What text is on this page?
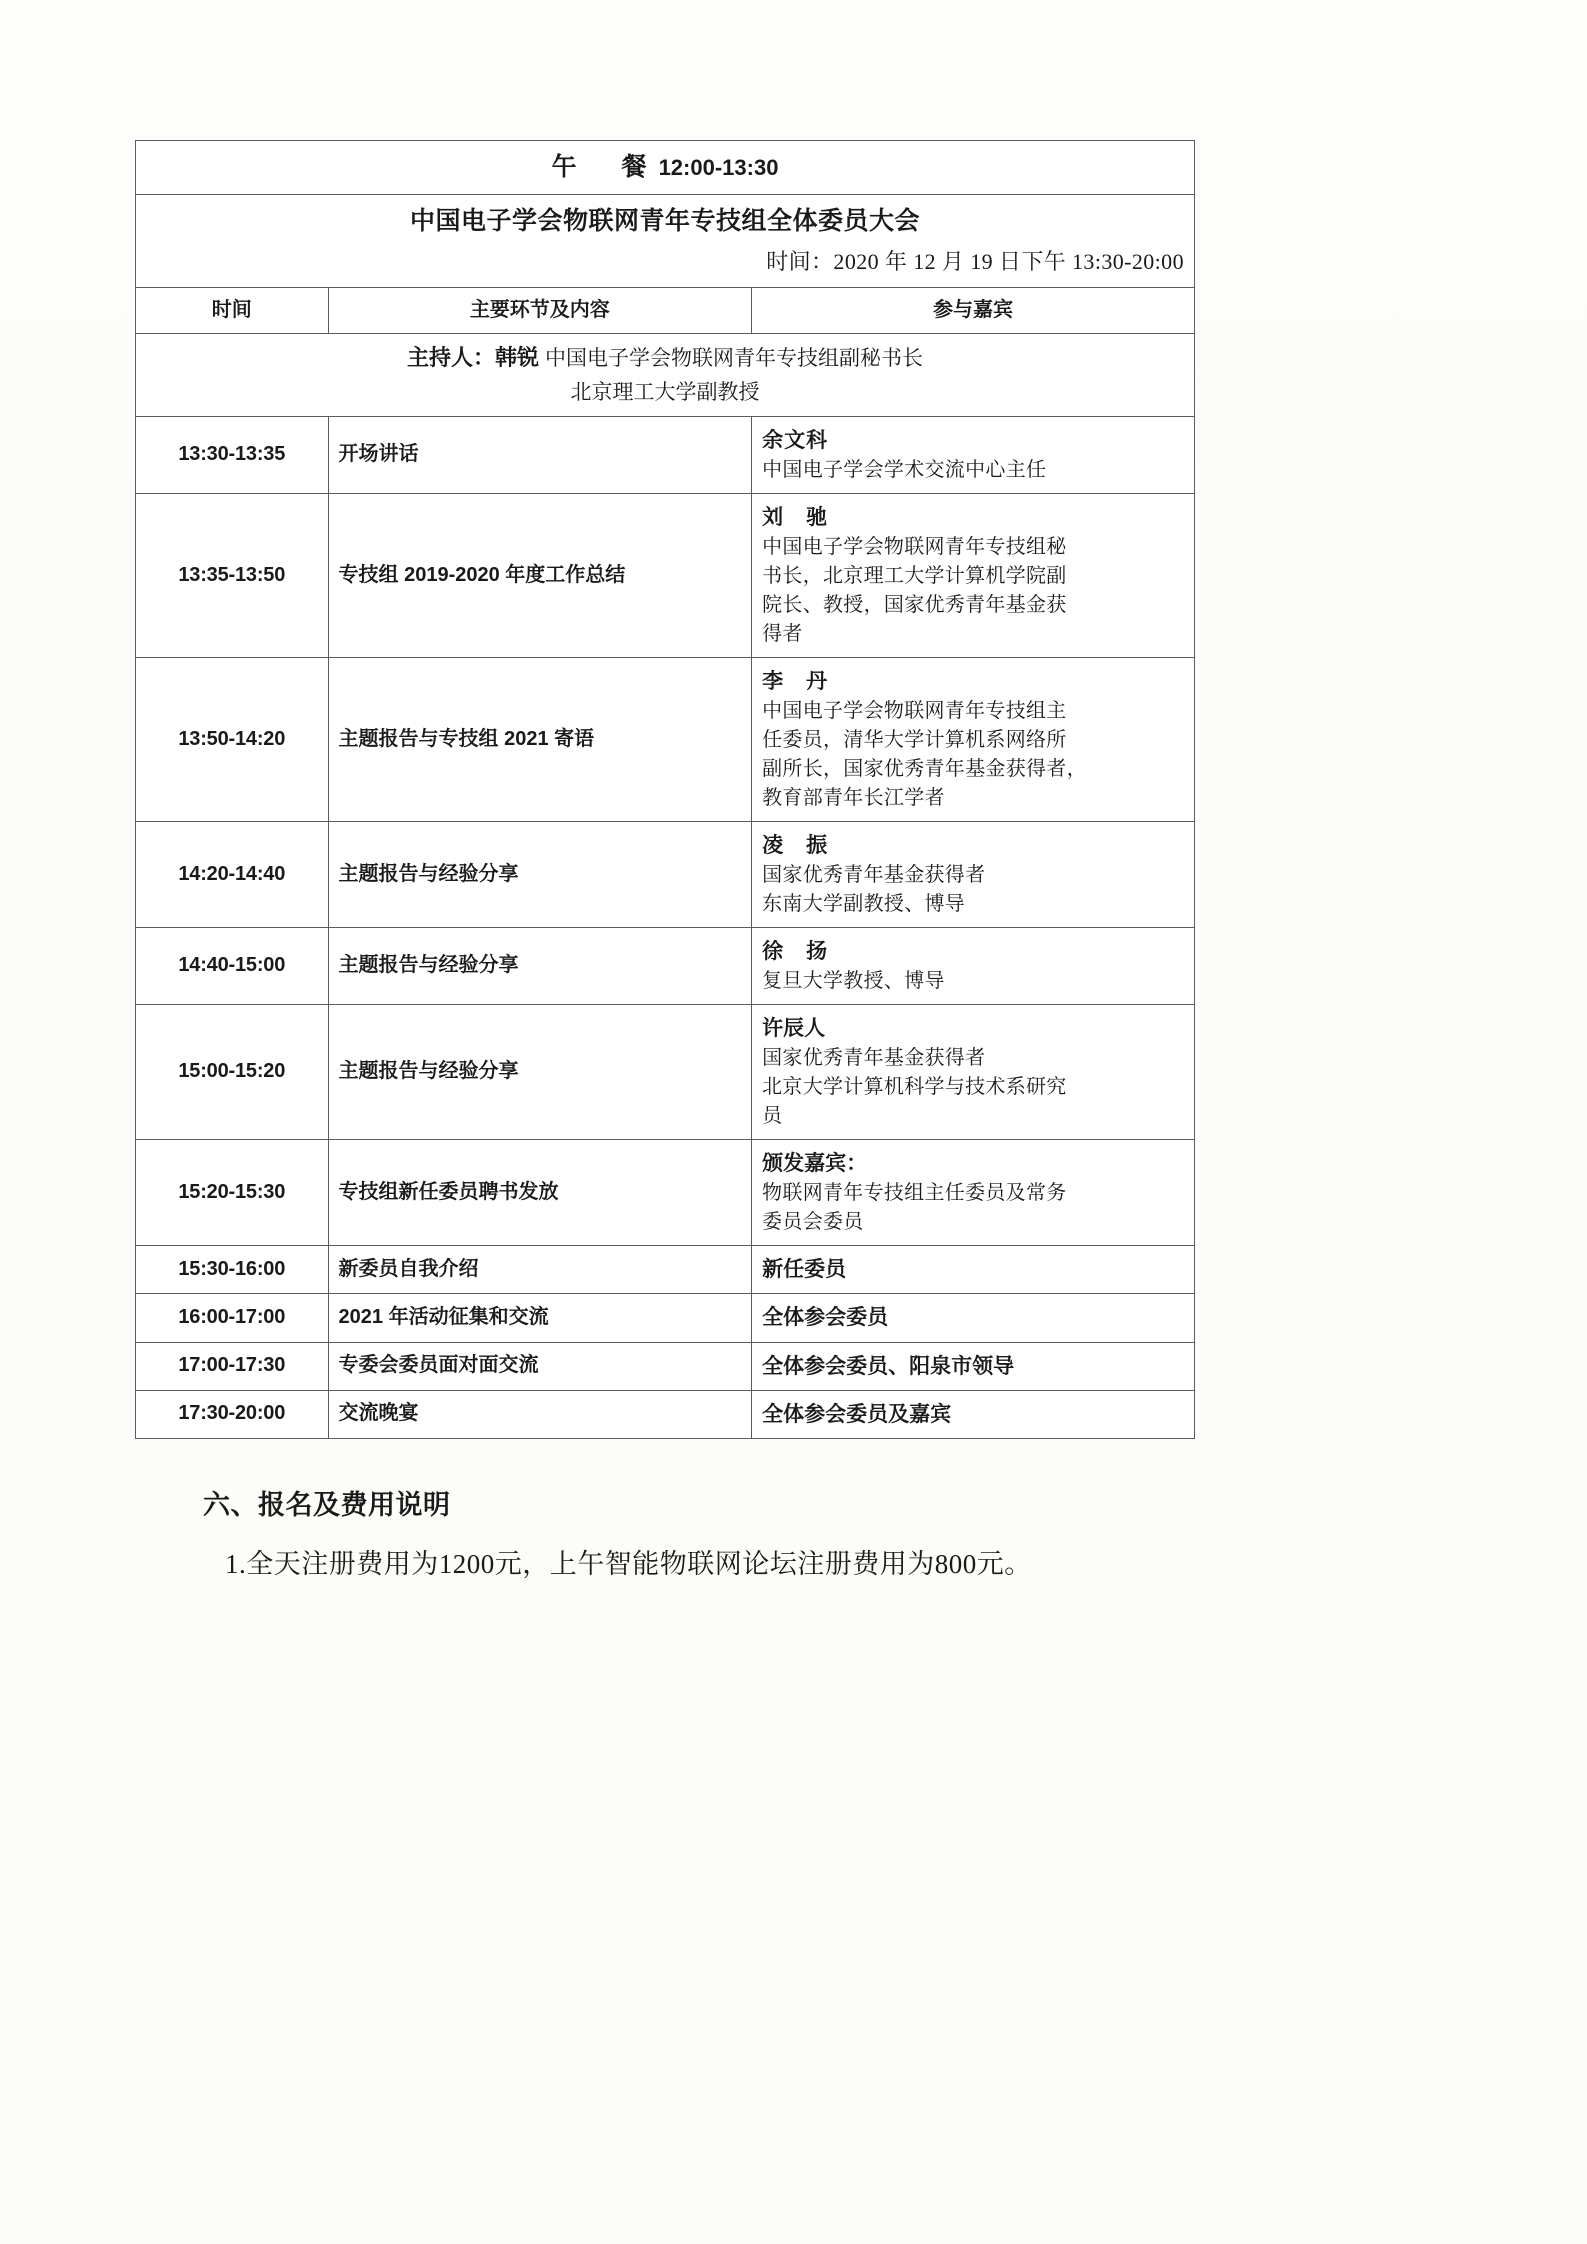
午　餐12:00-13:30		

中国电子学会物联网青年专技组全体委员大会
时间：2020 年 12 月 19 日下午 13:30-20:00		

时间	主要环节及内容	参与嘉宾
主持人：韩锐 中国电子学会物联网青年专技组副秘书长
北京理工大学副教授		

13:30-13:35	开场讲话	余文科
中国电子学会学术交流中心主任

13:35-13:50	专技组 2019-2020 年度工作总结	刘　驰
中国电子学会物联网青年专技组秘
书长，北京理工大学计算机学院副
院长、教授，国家优秀青年基金获
得者

13:50-14:20	主题报告与专技组 2021 寄语	李　丹
中国电子学会物联网青年专技组主
任委员，清华大学计算机系网络所
副所长，国家优秀青年基金获得者，
教育部青年长江学者

14:20-14:40	主题报告与经验分享	凌　振
国家优秀青年基金获得者
东南大学副教授、博导

14:40-15:00	主题报告与经验分享	徐　扬
复旦大学教授、博导

15:00-15:20	主题报告与经验分享	许辰人
国家优秀青年基金获得者
北京大学计算机科学与技术系研究
员

15:20-15:30	专技组新任委员聘书发放	颁发嘉宾：
物联网青年专技组主任委员及常务
委员会委员

15:30-16:00	新委员自我介绍	新任委员

16:00-17:00	2021 年活动征集和交流	全体参会委员

17:00-17:30	专委会委员面对面交流	全体参会委员、阳泉市领导

17:30-20:00	交流晚宴	全体参会委员及嘉宾
六、报名及费用说明

1.全天注册费用为1200元，上午智能物联网论坛注册费用为800元。
